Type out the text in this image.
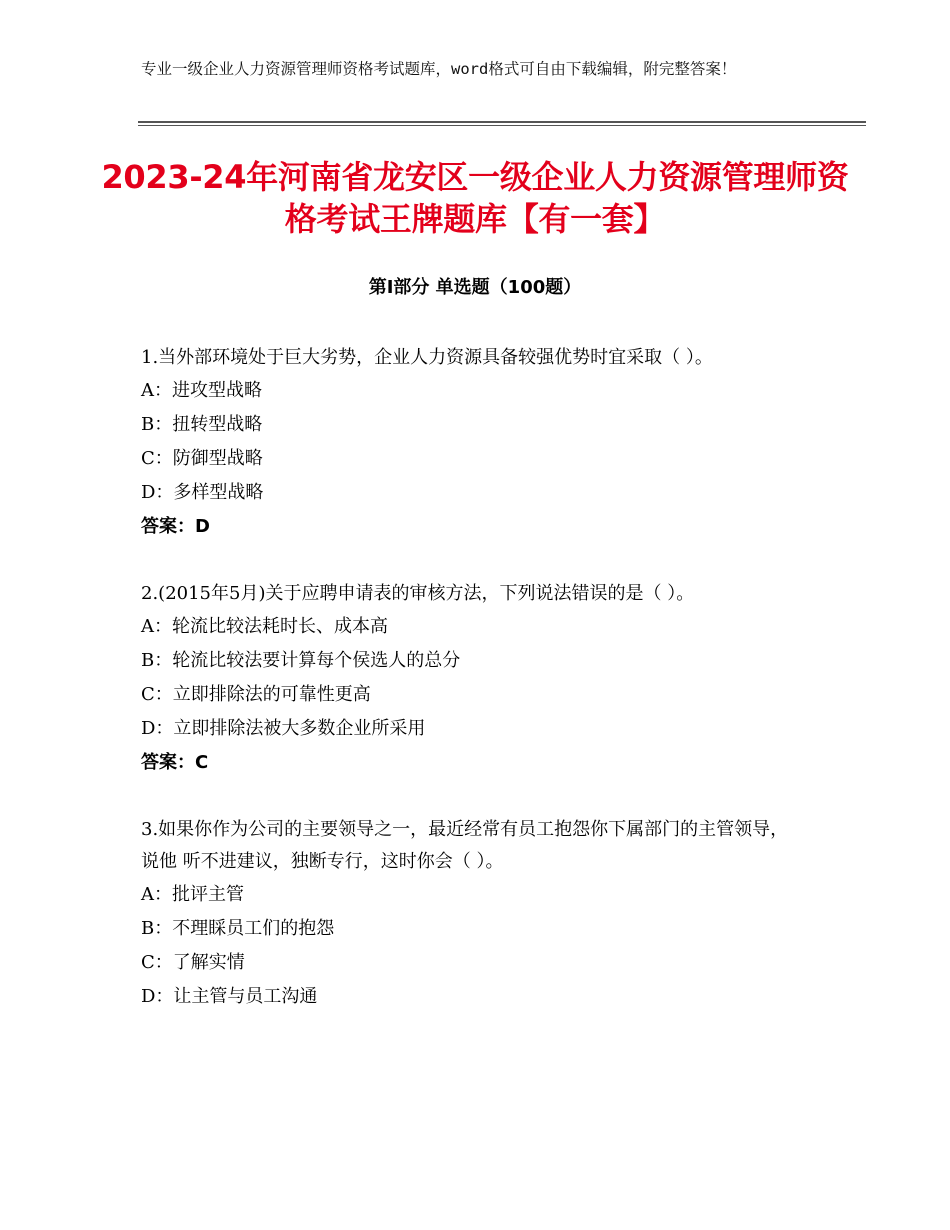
专业一级企业人力资源管理师资格考试题库，word格式可自由下载编辑，附完整答案！
2023-24年河南省龙安区一级企业人力资源管理师资格考试王牌题库【有一套】
第Ⅰ部分 单选题（100题）
1.当外部环境处于巨大劣势，企业人力资源具备较强优势时宜采取（ ）。
A：进攻型战略
B：扭转型战略
C：防御型战略
D：多样型战略
答案：D
2.(2015年5月)关于应聘申请表的审核方法，下列说法错误的是（ ）。
A：轮流比较法耗时长、成本高
B：轮流比较法要计算每个侯选人的总分
C：立即排除法的可靠性更高
D：立即排除法被大多数企业所采用
答案：C
3.如果你作为公司的主要领导之一，最近经常有员工抱怨你下属部门的主管领导，说他 听不进建议，独断专行，这时你会（ ）。
A：批评主管
B：不理睬员工们的抱怨
C：了解实情
D：让主管与员工沟通
